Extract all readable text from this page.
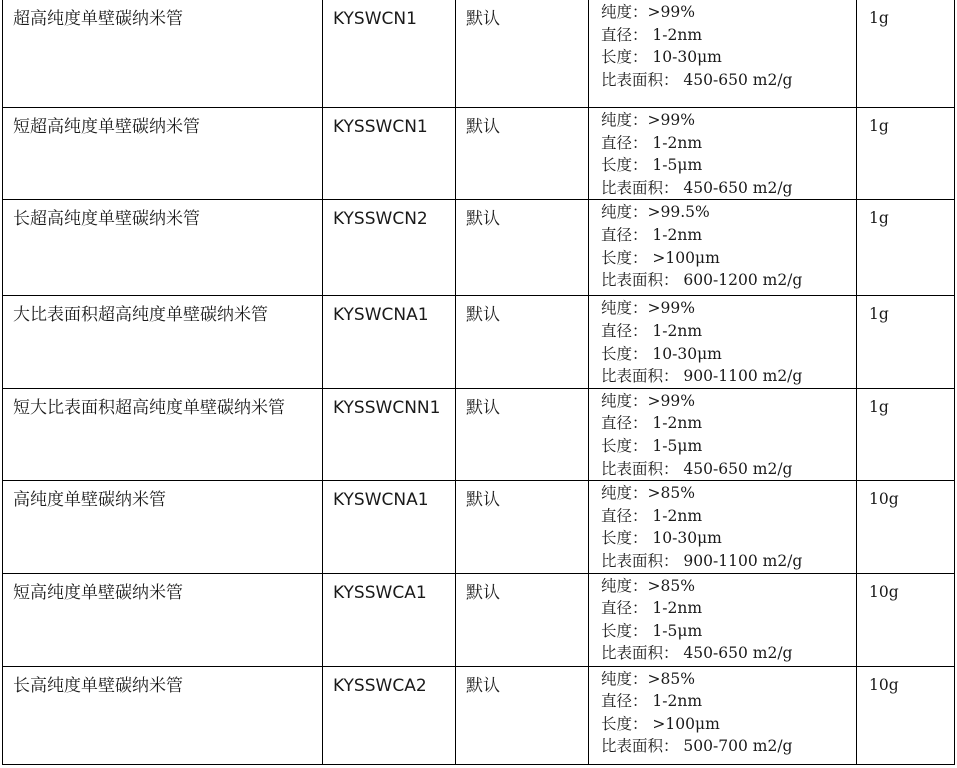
超高纯度单壁碳纳米管	KYSWCN1	默认	纯度：>99%
直径： 1-2nm
长度： 10-30μm
比表面积： 450-650 m2/g	1g
短超高纯度单壁碳纳米管	KYSSWCN1	默认	纯度：>99%
直径： 1-2nm
长度： 1-5μm
比表面积： 450-650 m2/g	1g
长超高纯度单壁碳纳米管	KYSSWCN2	默认	纯度：>99.5%
直径： 1-2nm
长度： >100μm
比表面积： 600-1200 m2/g	1g
大比表面积超高纯度单壁碳纳米管	KYSWCNA1	默认	纯度：>99%
直径： 1-2nm
长度： 10-30μm
比表面积： 900-1100 m2/g	1g
短大比表面积超高纯度单壁碳纳米管	KYSSWCNN1	默认	纯度：>99%
直径： 1-2nm
长度： 1-5μm
比表面积： 450-650 m2/g	1g
高纯度单壁碳纳米管	KYSWCNA1	默认	纯度：>85%
直径： 1-2nm
长度： 10-30μm
比表面积： 900-1100 m2/g	10g
短高纯度单壁碳纳米管	KYSSWCA1	默认	纯度：>85%
直径： 1-2nm
长度： 1-5μm
比表面积： 450-650 m2/g	10g
长高纯度单壁碳纳米管	KYSSWCA2	默认	纯度：>85%
直径： 1-2nm
长度： >100μm
比表面积： 500-700 m2/g	10g
